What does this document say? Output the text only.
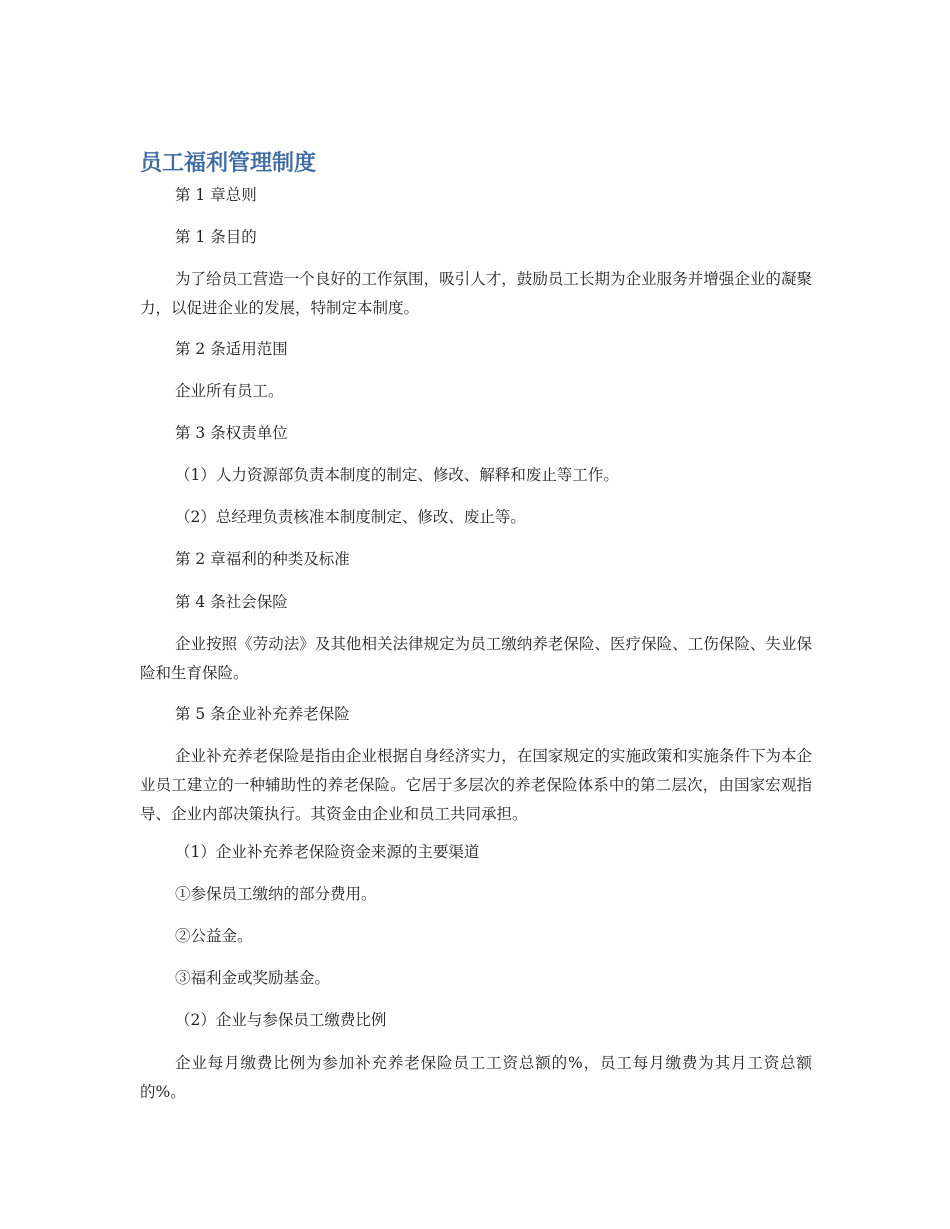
员工福利管理制度

第 1 章总则

第 1 条目的

为了给员工营造一个良好的工作氛围，吸引人才，鼓励员工长期为企业服务并增强企业的凝聚力，以促进企业的发展，特制定本制度。

第 2 条适用范围

企业所有员工。

第 3 条权责单位

（1）人力资源部负责本制度的制定、修改、解释和废止等工作。

（2）总经理负责核准本制度制定、修改、废止等。

第 2 章福利的种类及标准

第 4 条社会保险

企业按照《劳动法》及其他相关法律规定为员工缴纳养老保险、医疗保险、工伤保险、失业保险和生育保险。

第 5 条企业补充养老保险

企业补充养老保险是指由企业根据自身经济实力，在国家规定的实施政策和实施条件下为本企业员工建立的一种辅助性的养老保险。它居于多层次的养老保险体系中的第二层次，由国家宏观指导、企业内部决策执行。其资金由企业和员工共同承担。

（1）企业补充养老保险资金来源的主要渠道

①参保员工缴纳的部分费用。

②公益金。

③福利金或奖励基金。

（2）企业与参保员工缴费比例

企业每月缴费比例为参加补充养老保险员工工资总额的%，员工每月缴费为其月工资总额的%。
